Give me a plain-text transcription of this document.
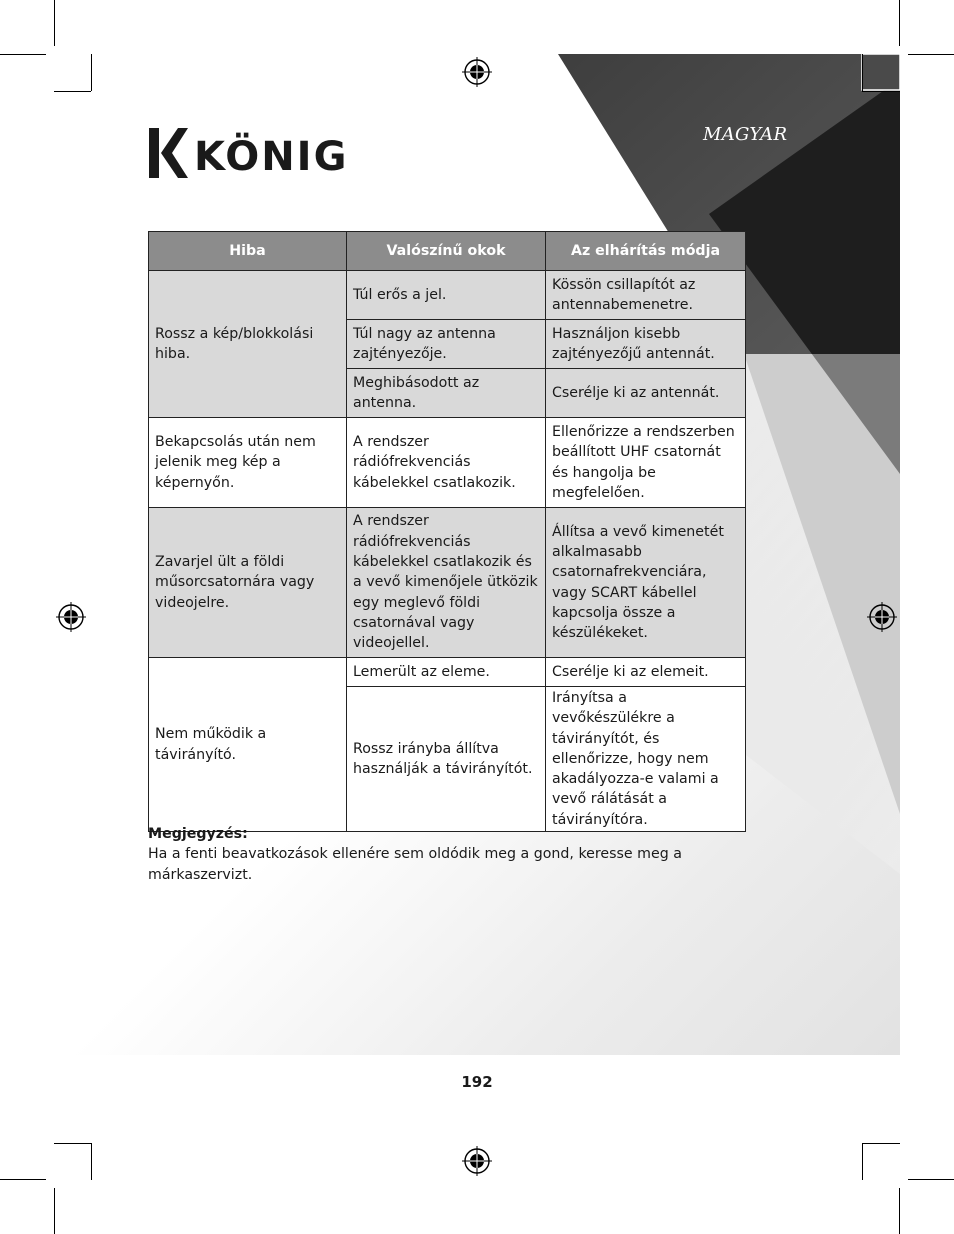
KÖNIG	MAGYAR
Hiba	Valószínű okok	Az elhárítás módja
Rossz a kép/blokkolási hiba.	Túl erős a jel.	Kössön csillapítót az antennabemenetre.
	Túl nagy az antenna zajtényezője.	Használjon kisebb zajtényezőjű antennát.
	Meghibásodott az antenna.	Cserélje ki az antennát.
Bekapcsolás után nem jelenik meg kép a képernyőn.	A rendszer rádiófrekvenciás kábelekkel csatlakozik.	Ellenőrizze a rendszerben beállított UHF csatornát és hangolja be megfelelően.
Zavarjel ült a földi műsorcsatornára vagy videojelre.	A rendszer rádiófrekvenciás kábelekkel csatlakozik és a vevő kimenőjele ütközik egy meglevő földi csatornával vagy videojellel.	Állítsa a vevő kimenetét alkalmasabb csatornafrekvenciára, vagy SCART kábellel kapcsolja össze a készülékeket.
Nem működik a távirányító.	Lemerült az eleme.	Cserélje ki az elemeit.
	Rossz irányba állítva használják a távirányítót.	Irányítsa a vevőkészülékre a távirányítót, és ellenőrizze, hogy nem akadályozza-e valami a vevő rálátását a távirányítóra.
Megjegyzés:
Ha a fenti beavatkozások ellenére sem oldódik meg a gond, keresse meg a márkaszervizt.
192
